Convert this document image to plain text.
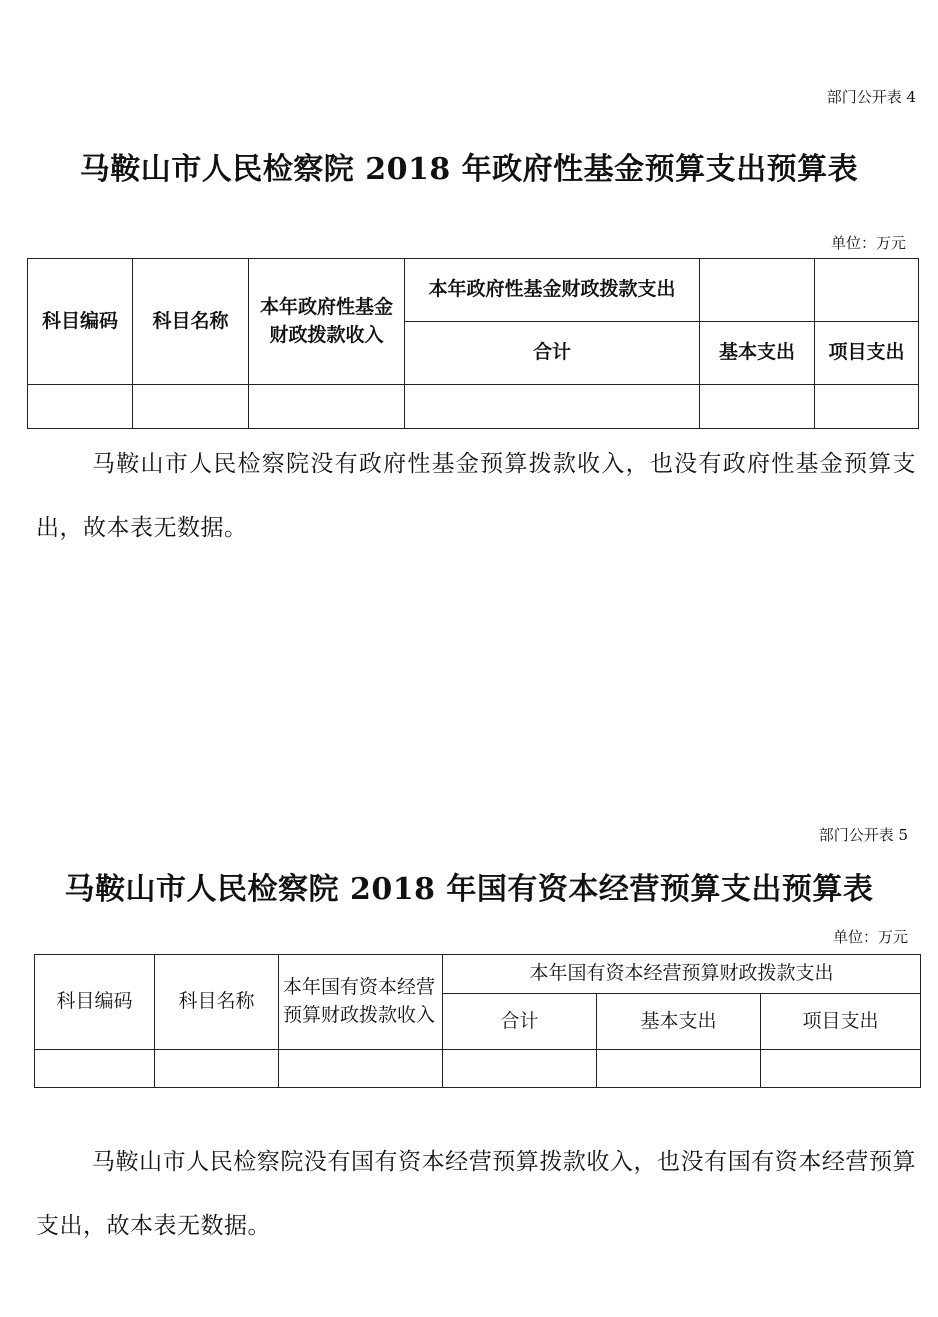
部门公开表 4
马鞍山市人民检察院 2018 年政府性基金预算支出预算表
单位：万元
科目编码	科目名称	本年政府性基金财政拨款收入	本年政府性基金财政拨款支出		
			合计	基本支出	项目支出

马鞍山市人民检察院没有政府性基金预算拨款收入，也没有政府性基金预算支出，故本表无数据。
部门公开表 5
马鞍山市人民检察院 2018 年国有资本经营预算支出预算表
单位：万元
科目编码	科目名称	本年国有资本经营预算财政拨款收入	本年国有资本经营预算财政拨款支出		
			合计	基本支出	项目支出

马鞍山市人民检察院没有国有资本经营预算拨款收入，也没有国有资本经营预算支出，故本表无数据。
